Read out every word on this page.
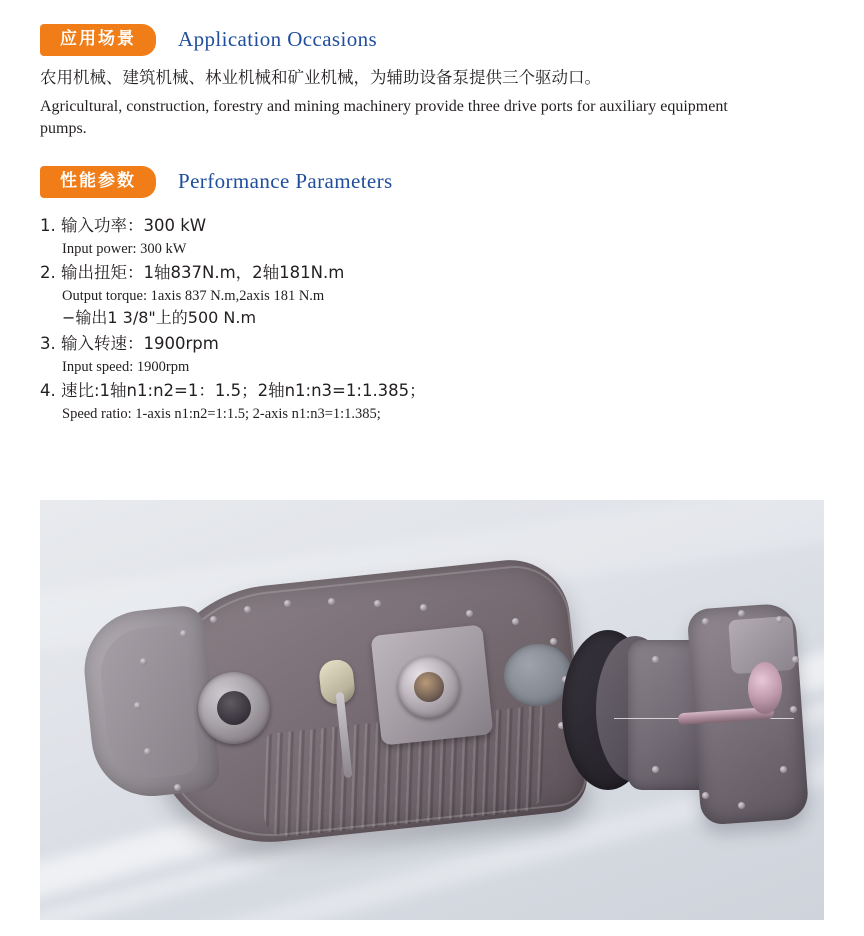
应用场景	Application Occasions
农用机械、建筑机械、林业机械和矿业机械，为辅助设备泵提供三个驱动口。
Agricultural, construction, forestry and mining machinery provide three drive ports for auxiliary equipment
pumps.
性能参数	Performance Parameters
1. 输入功率：300 kW
Input power: 300 kW
2. 输出扭矩：1轴837N.m，2轴181N.m
Output torque: 1axis 837 N.m,2axis 181 N.m
−输出1 3/8"上的500 N.m
3. 输入转速：1900rpm
Input speed: 1900rpm
4. 速比:1轴n1:n2=1：1.5；2轴n1:n3=1:1.385；
Speed ratio: 1-axis n1:n2=1:1.5; 2-axis n1:n3=1:1.385;
